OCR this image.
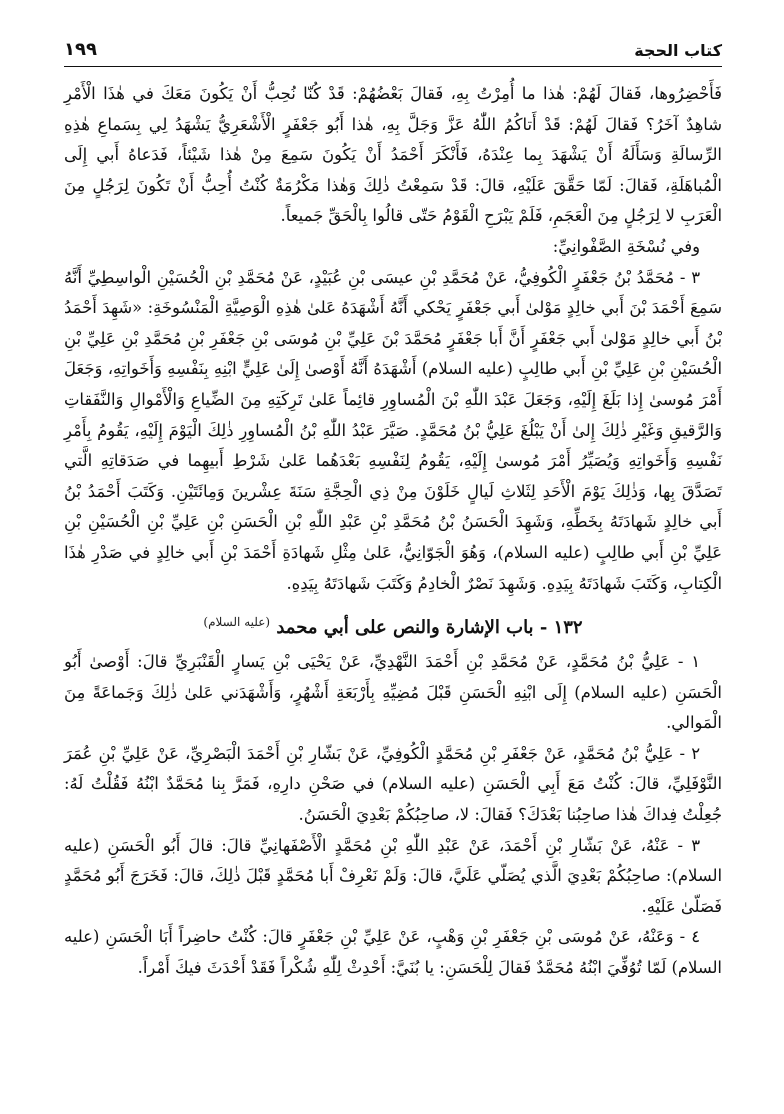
كتاب الحجة
١٩٩

فَأَحْضِرُوها، فَقالَ لَهُمْ: هٰذا ما أُمِرْتُ بِهِ، فَقالَ بَعْضُهُمْ: قَدْ كُنّا نُحِبُّ أَنْ يَكُونَ مَعَكَ في هٰذَا الْأَمْرِ شاهِدٌ آخَرُ؟ فَقالَ لَهُمْ: قَدْ أَتاكُمُ اللّٰهُ عَزَّ وَجَلَّ بِهِ، هٰذا أَبُو جَعْفَرٍ الْأَشْعَرِيُّ يَشْهَدُ لِي بِسَماعِ هٰذِهِ الرِّسالَةِ وَسَأَلَهُ أَنْ يَشْهَدَ بِما عِنْدَهُ، فَأَنْكَرَ أَحْمَدُ أَنْ يَكُونَ سَمِعَ مِنْ هٰذا شَيْئاً، فَدَعاهُ أَبي إِلَى الْمُباهَلَةِ، فَقالَ: لَمّا حَقَّقَ عَلَيْهِ، قالَ: قَدْ سَمِعْتُ ذٰلِكَ وَهٰذا مَكْرُمَةٌ كُنْتُ أُحِبُّ أَنْ تَكُونَ لِرَجُلٍ مِنَ الْعَرَبِ لا لِرَجُلٍ مِنَ الْعَجَمِ، فَلَمْ يَبْرَحِ الْقَوْمُ حَتّى قالُوا بِالْحَقِّ جَميعاً.

وفي نُسْخَةِ الصَّفْوانِيِّ:

٣ - مُحَمَّدُ بْنُ جَعْفَرٍ الْكُوفِيُّ، عَنْ مُحَمَّدِ بْنِ عيسَى بْنِ عُبَيْدٍ، عَنْ مُحَمَّدِ بْنِ الْحُسَيْنِ الْواسِطِيِّ أَنَّهُ سَمِعَ أَحْمَدَ بْنَ أَبي خالِدٍ مَوْلىٰ أَبي جَعْفَرٍ يَحْكي أَنَّهُ أَشْهَدَهُ عَلىٰ هٰذِهِ الْوَصِيَّةِ الْمَنْسُوخَةِ: «شَهِدَ أَحْمَدُ بْنُ أَبي خالِدٍ مَوْلىٰ أَبي جَعْفَرٍ أَنَّ أَبا جَعْفَرٍ مُحَمَّدَ بْنَ عَلِيِّ بْنِ مُوسَى بْنِ جَعْفَرِ بْنِ مُحَمَّدِ بْنِ عَلِيِّ بْنِ الْحُسَيْنِ بْنِ عَلِيِّ بْنِ أَبي طالِبٍ (عليه السلام) أَشْهَدَهُ أَنَّهُ أَوْصىٰ إِلَىٰ عَلِيٍّ ابْنِهِ بِنَفْسِهِ وَأَخَواتِهِ، وَجَعَلَ أَمْرَ مُوسىٰ إِذا بَلَغَ إِلَيْهِ، وَجَعَلَ عَبْدَ اللّٰهِ بْنَ الْمُساوِرِ قائِماً عَلىٰ تَرِكَتِهِ مِنَ الضِّياعِ وَالْأَمْوالِ وَالنَّفَقاتِ وَالرَّقيقِ وَغَيْرِ ذٰلِكَ إِلىٰ أَنْ يَبْلُغَ عَلِيُّ بْنُ مُحَمَّدٍ. صَيَّرَ عَبْدُ اللّٰهِ بْنُ الْمُساوِرِ ذٰلِكَ الْيَوْمَ إِلَيْهِ، يَقُومُ بِأَمْرِ نَفْسِهِ وَأَخَواتِهِ وَيُصَيِّرُ أَمْرَ مُوسىٰ إِلَيْهِ، يَقُومُ لِنَفْسِهِ بَعْدَهُما عَلىٰ شَرْطِ أَبيهِما في صَدَقاتِهِ الَّتي تَصَدَّقَ بِها، وَذٰلِكَ يَوْمَ الْأَحَدِ لِثَلاثِ لَيالٍ خَلَوْنَ مِنْ ذِي الْحِجَّةِ سَنَةَ عِشْرينَ وَمِائَتَيْنِ. وَكَتَبَ أَحْمَدُ بْنُ أَبي خالِدٍ شَهادَتَهُ بِخَطِّهِ، وَشَهِدَ الْحَسَنُ بْنُ مُحَمَّدِ بْنِ عَبْدِ اللّٰهِ بْنِ الْحَسَنِ بْنِ عَلِيِّ بْنِ الْحُسَيْنِ بْنِ عَلِيِّ بْنِ أَبي طالِبٍ (عليه السلام)، وَهُوَ الْجَوّانِيُّ، عَلىٰ مِثْلِ شَهادَةِ أَحْمَدَ بْنِ أَبي خالِدٍ في صَدْرِ هٰذَا الْكِتابِ، وَكَتَبَ شَهادَتَهُ بِيَدِهِ. وَشَهِدَ نَصْرٌ الْخادِمُ وَكَتَبَ شَهادَتَهُ بِيَدِهِ.

١٣٢ - باب الإشارة والنص على أبي محمد $^{(عليه السلام)}$

١ - عَلِيُّ بْنُ مُحَمَّدٍ، عَنْ مُحَمَّدِ بْنِ أَحْمَدَ النَّهْدِيِّ، عَنْ يَحْيَى بْنِ يَسارٍ الْقَنْبَرِيِّ قالَ: أَوْصىٰ أَبُو الْحَسَنِ (عليه السلام) إِلَى ابْنِهِ الْحَسَنِ قَبْلَ مُضِيِّهِ بِأَرْبَعَةِ أَشْهُرٍ، وَأَشْهَدَني عَلىٰ ذٰلِكَ وَجَماعَةً مِنَ الْمَوالي.

٢ - عَلِيُّ بْنُ مُحَمَّدٍ، عَنْ جَعْفَرِ بْنِ مُحَمَّدٍ الْكُوفِيِّ، عَنْ بَشّارِ بْنِ أَحْمَدَ الْبَصْرِيِّ، عَنْ عَلِيِّ بْنِ عُمَرَ النَّوْفَلِيِّ، قالَ: كُنْتُ مَعَ أَبِي الْحَسَنِ (عليه السلام) في صَحْنِ دارِهِ، فَمَرَّ بِنا مُحَمَّدٌ ابْنُهُ فَقُلْتُ لَهُ: جُعِلْتُ فِداكَ هٰذا صاحِبُنا بَعْدَكَ؟ فَقالَ: لا، صاحِبُكُمْ بَعْدِيَ الْحَسَنُ.

٣ - عَنْهُ، عَنْ بَشّارِ بْنِ أَحْمَدَ، عَنْ عَبْدِ اللّٰهِ بْنِ مُحَمَّدٍ الْأَصْفَهانِيِّ قالَ: قالَ أَبُو الْحَسَنِ (عليه السلام): صاحِبُكُمْ بَعْدِيَ الَّذي يُصَلّي عَلَيَّ، قالَ: وَلَمْ نَعْرِفْ أَبا مُحَمَّدٍ قَبْلَ ذٰلِكَ، قالَ: فَخَرَجَ أَبُو مُحَمَّدٍ فَصَلّىٰ عَلَيْهِ.

٤ - وَعَنْهُ، عَنْ مُوسَى بْنِ جَعْفَرِ بْنِ وَهْبٍ، عَنْ عَلِيِّ بْنِ جَعْفَرٍ قالَ: كُنْتُ حاضِراً أَبَا الْحَسَنِ (عليه السلام) لَمّا تُوُفِّيَ ابْنُهُ مُحَمَّدٌ فَقالَ لِلْحَسَنِ: يا بُنَيَّ: أَحْدِثْ لِلّٰهِ شُكْراً فَقَدْ أَحْدَثَ فيكَ أَمْراً.
